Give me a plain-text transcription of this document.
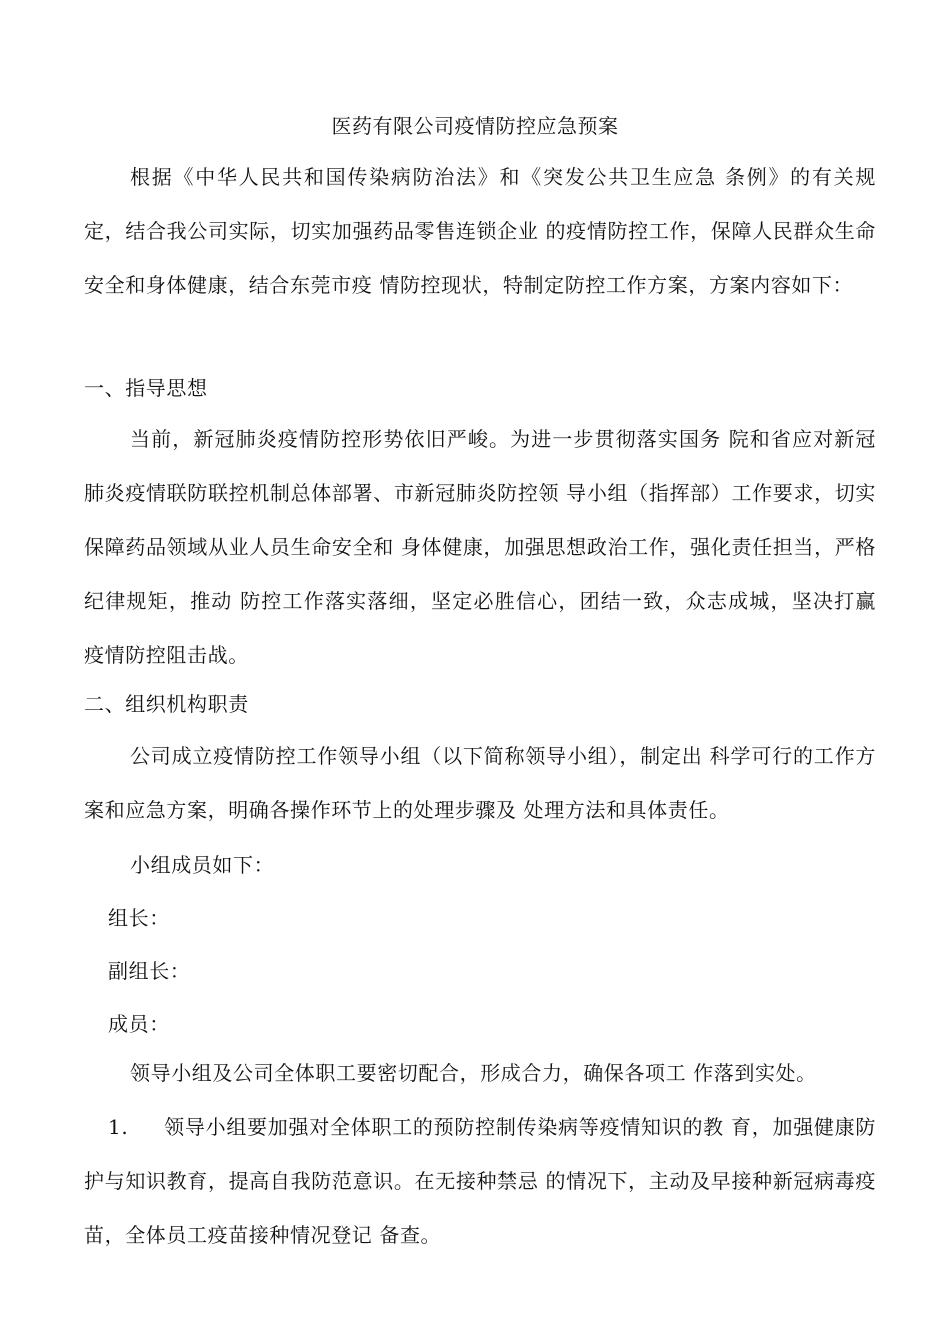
医药有限公司疫情防控应急预案
根据《中华人民共和国传染病防治法》和《突发公共卫生应急 条例》的有关规定，结合我公司实际，切实加强药品零售连锁企业 的疫情防控工作，保障人民群众生命安全和身体健康，结合东莞市疫 情防控现状，特制定防控工作方案，方案内容如下：
一、指导思想
当前，新冠肺炎疫情防控形势依旧严峻。为进一步贯彻落实国务 院和省应对新冠肺炎疫情联防联控机制总体部署、市新冠肺炎防控领 导小组（指挥部）工作要求，切实保障药品领域从业人员生命安全和 身体健康，加强思想政治工作，强化责任担当，严格纪律规矩，推动 防控工作落实落细，坚定必胜信心，团结一致，众志成城，坚决打赢 疫情防控阻击战。
二、组织机构职责
公司成立疫情防控工作领导小组（以下简称领导小组），制定出 科学可行的工作方案和应急方案，明确各操作环节上的处理步骤及 处理方法和具体责任。
小组成员如下：
组长：
副组长：
成员：
领导小组及公司全体职工要密切配合，形成合力，确保各项工 作落到实处。
1. 领导小组要加强对全体职工的预防控制传染病等疫情知识的教 育，加强健康防护与知识教育，提高自我防范意识。在无接种禁忌 的情况下，主动及早接种新冠病毒疫苗，全体员工疫苗接种情况登记 备查。
